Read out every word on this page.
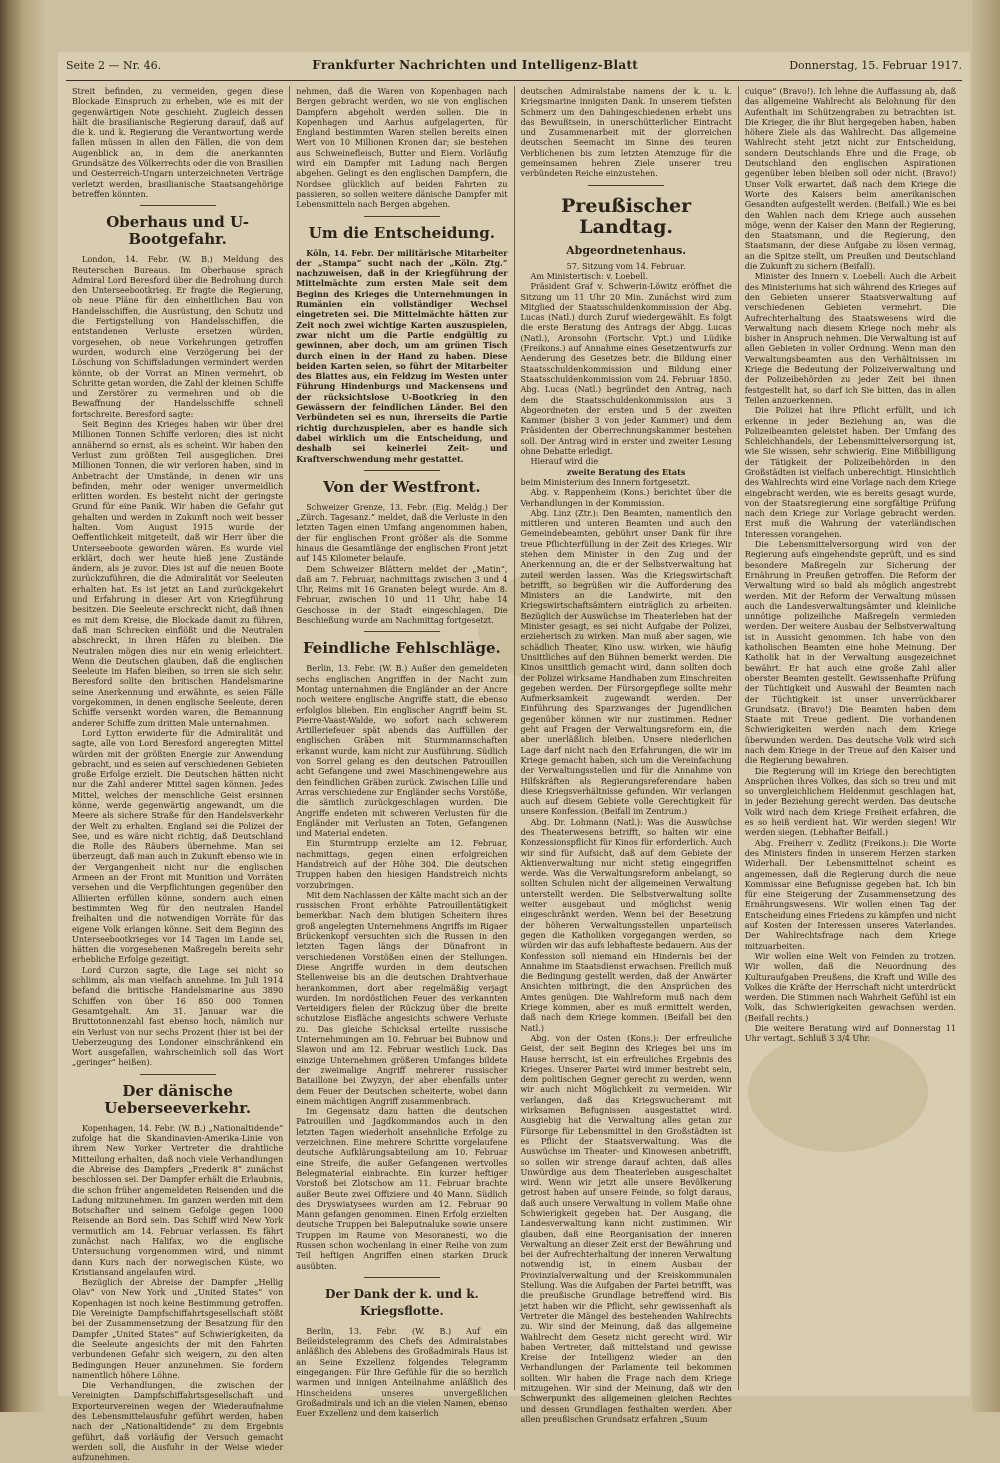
Seite 2 — Nr. 46.	Frankfurter Nachrichten und Intelligenz-Blatt	Donnerstag, 15. Februar 1917.

Streit befinden, zu vermeiden, gegen diese Blockade Einspruch zu erheben, wie es mit der gegenwärtigen Note geschieht. Zugleich dessen hält die brasilianische Regierung darauf, daß auf die k. und k. Regierung die Verantwortung werde fallen müssen in allen den Fällen, die von dem Augenblick an, in dem die anerkannten Grundsätze des Völkerrechts oder die von Brasilien und Oesterreich-Ungarn unterzeichneten Verträge verletzt werden, brasilianische Staatsangehörige betreffen könnten.

Oberhaus und U-Bootgefahr.

London, 14. Febr. (W. B.) Meldung des Reuterschen Bureaus. Im Oberhause sprach Admiral Lord Beresford über die Bedrohung durch den Unterseebootkrieg. Er fragte die Regierung, ob neue Pläne für den einheitlichen Bau von Handelsschiffen, die Ausrüstung, den Schutz und die Fertigstellung von Handelsschiffen, die entstandenen Verluste ersetzen würden, vorgesehen, ob neue Vorkehrungen getroffen wurden, wodurch eine Verzögerung bei der Löschung von Schiffsladungen vermindert werden könnte, ob der Vorrat an Minen vermehrt, ob Schritte getan worden, die Zahl der kleinen Schiffe und Zerstörer zu vermehren und ob die Bewaffnung der Handelsschiffe schnell fortschreite. Beresford sagte:

Seit Beginn des Krieges haben wir über drei Millionen Tonnen Schiffe verloren; dies ist nicht annähernd so ernst, als es scheint. Wir haben den Verlust zum größten Teil ausgeglichen. Drei Millionen Tonnen, die wir verloren haben, sind in Anbetracht der Umstände, in denen wir uns befinden, mehr oder weniger unvermeidlich erlitten worden. Es besteht nicht der geringste Grund für eine Panik. Wir haben die Gefahr gut gehalten und werden in Zukunft noch weit besser halten. Vom August 1915 wurde der Oeffentlichkeit mitgeteilt, daß wir Herr über die Unterseeboote geworden wären. Es wurde viel erklärt, doch wer heute hieß jene Zustände ändern, als je zuvor. Dies ist auf die neuen Boote zurückzuführen, die die Admiralität vor Seeleuten erhalten hat. Es ist jetzt an Land zurückgekehrt und Erfahrung in dieser Art von Kriegführung besitzen. Die Seeleute erschreckt nicht, daß ihnen es mit dem Kreise, die Blockade damit zu führen, daß man Schrecken einflößt und die Neutralen abschreckt, in ihren Häfen zu bleiben. Die Neutralen mögen dies nur ein wenig erleichtert. Wenn die Deutschen glauben, daß die englischen Seeleute im Hafen bleiben, so irren sie sich sehr. Beresford sollte den britischen Handelsmarine seine Anerkennung und erwähnte, es seien Fälle vorgekommen, in denen englische Seeleute, deren Schiffe versenkt worden waren, die Bemannung anderer Schiffe zum dritten Male unternahmen.

Lord Lytton erwiderte für die Admiralität und sagte, alle von Lord Beresford angeregten Mittel würden mit der größten Energie zur Anwendung gebracht, und es seien auf verschiedenen Gebieten große Erfolge erzielt. Die Deutschen hätten nicht nur die Zahl anderer Mittel sagen können. Jedes Mittel, welches der menschliche Geist ersinnen könne, werde gegenwärtig angewandt, um die Meere als sichere Straße für den Handelsverkehr der Welt zu erhalten. England sei die Polizei der See, und es wäre nicht richtig, daß Deutschland die Rolle des Räubers übernehme. Man sei überzeugt, daß man auch in Zukunft ebenso wie in der Vergangenheit nicht nur die englischen Armeen an der Front mit Munition und Vorräten versehen und die Verpflichtungen gegenüber den Alliierten erfüllen könne, sondern auch einen bestimmten Weg für den neutralen Handel freihalten und die notwendigen Vorräte für das eigene Volk erlangen könne. Seit dem Beginn des Unterseebootkrieges vor 14 Tagen im Lande sei, hätten die vorgesehenen Maßregeln bereits sehr erhebliche Erfolge gezeitigt.

Lord Curzon sagte, die Lage sei nicht so schlimm, als man vielfach annehme. Im Juli 1914 befand die britische Handelsmarine aus 3890 Schiffen von über 16 850 000 Tonnen Gesamtgehalt. Am 31. Januar war die Bruttotonnenzahl fast ebenso hoch, nämlich nur ein Verlust von nur sechs Prozent (hier ist bei der Ueberzeugung des Londoner einschränkend ein Wort ausgefallen, wahrscheinlich soll das Wort „geringer“ heißen).

Der dänische Ueberseeverkehr.

Kopenhagen, 14. Febr. (W. B.) „Nationaltidende“ zufolge hat die Skandinavien-Amerika-Linie von ihrem New Yorker Vertreter die drahtliche Mitteilung erhalten, daß noch viele Verhandlungen die Abreise des Dampfers „Frederik 8“ zunächst beschlossen sei. Der Dampfer erhält die Erlaubnis, die schon früher angemeldeten Reisenden und die Ladung mitzunehmen. Im ganzen werden mit dem Botschafter und seinem Gefolge gegen 1000 Reisende an Bord sein. Das Schiff wird New York vermutlich am 14. Februar verlassen. Es fährt zunächst nach Halifax, wo die englische Untersuchung vorgenommen wird, und nimmt dann Kurs nach der norwegischen Küste, wo Kristiansand angelaufen wird.

Bezüglich der Abreise der Dampfer „Hellig Olav“ von New York und „United States“ von Kopenhagen ist noch keine Bestimmung getroffen. Die Vereinigte Dampfschiffahrtsgesellschaft stößt bei der Zusammensetzung der Besatzung für den Dampfer „United States“ auf Schwierigkeiten, da die Seeleute angesichts der mit den Fahrten verbundenen Gefahr sich weigern, zu den alten Bedingungen Heuer anzunehmen. Sie fordern namentlich höhere Löhne.

Die Verhandlungen, die zwischen der Vereinigten Dampfschiffahrtsgesellschaft und Exporteurvereinen wegen der Wiederaufnahme des Lebensmittelausfuhr geführt werden, haben nach der „Nationaltidende“ zu dem Ergebnis geführt, daß vorläufig der Versuch gemacht werden soll, die Ausfuhr in der Weise wieder aufzunehmen.

nehmen, daß die Waren von Kopenhagen nach Bergen gebracht werden, wo sie von englischen Dampfern abgeholt werden sollen. Die in Kopenhagen und Aarhus aufgelagerten, für England bestimmten Waren stellen bereits einen Wert von 10 Millionen Kronen dar; sie bestehen aus Schweinefleisch, Butter und Eiern. Vorläufig wird ein Dampfer mit Ladung nach Bergen abgehen. Gelingt es den englischen Dampfern, die Nordsee glücklich auf beiden Fahrten zu passieren, so sollen weitere dänische Dampfer mit Lebensmitteln nach Bergen abgehen.

Um die Entscheidung.

Köln, 14. Febr. Der militärische Mitarbeiter der „Stampa“ sucht nach der „Köln. Ztg.“ nachzuweisen, daß in der Kriegführung der Mittelmächte zum ersten Male seit dem Beginn des Krieges die Unternehmungen in Rumänien ein vollständiger Wechsel eingetreten sei. Die Mittelmächte hätten zur Zeit noch zwei wichtige Karten auszuspielen, zwar nicht um die Partie endgültig zu gewinnen, aber doch, um am grünen Tisch durch einen in der Hand zu haben. Diese beiden Karten seien, so führt der Mitarbeiter des Blattes aus, ein Feldzug im Westen unter Führung Hindenburgs und Mackensens und der rücksichtslose U-Bootkrieg in den Gewässern der feindlichen Länder. Bei den Verbündeten sei es nun, ihrerseits die Partie richtig durchzuspielen, aber es handle sich dabei wirklich um die Entscheidung, und deshalb sei keinerlei Zeit- und Kraftverschwendung mehr gestattet.

Von der Westfront.

Schweizer Grenze, 13. Febr. (Eig. Meldg.) Der „Zürch. Tagesanz.“ meldet, daß die Verluste in den letzten Tagen einen Umfang angenommen haben, der für englischen Front größer als die Somme hinaus die Gesamtlänge der englischen Front jetzt auf 145 Kilometer belaufe.

Dem Schweizer Blättern meldet der „Matin“, daß am 7. Februar, nachmittags zwischen 3 und 4 Uhr, Reims mit 16 Granaten belegt wurde. Am 8. Februar, zwischen 10 und 11 Uhr, habe 14 Geschosse in der Stadt eingeschlagen. Die Beschießung wurde am Nachmittag fortgesetzt.

Feindliche Fehlschläge.

Berlin, 13. Febr. (W. B.) Außer den gemeldeten sechs englischen Angriffen in der Nacht zum Montag unternahmen die Engländer an der Ancre noch weitere englische Angriffe statt, die ebenso erfolglos blieben. Ein englischer Angriff beim St. Pierre-Vaast-Walde, wo sofort nach schwerem Artilleriefeuer spät abends das Auffüllen der englischen Gräben mit Sturmmannschaften erkannt wurde, kam nicht zur Ausführung. Südlich von Sorrel gelang es den deutschen Patrouillen acht Gefangene und zwei Maschinengewehre aus den feindlichen Gräben zurück. Zwischen Lille und Arras verschiedene zur Engländer sechs Vorstöße, die sämtlich zurückgeschlagen wurden. Die Angriffe endeten mit schweren Verlusten für die Engländer mit Verlusten an Toten, Gefangenen und Material endeten.

Ein Sturmtrupp erzielte am 12. Februar, nachmittags, gegen einen erfolgreichen Handstreich auf der Höhe 304. Die deutschen Truppen haben den hiesigen Handstreich nichts vorzubringen.

Mit dem Nachlassen der Kälte macht sich an der russischen Front erhöhte Patrouillentätigkeit bemerkbar. Nach dem blutigen Scheitern ihres groß angelegten Unternehmens Angriffs im Rigaer Brückenkopf versuchten sich die Russen in den letzten Tagen längs der Dünafront in verschiedenen Vorstößen einen der Stellungen. Diese Angriffe wurden in dem deutschen Stellenweise bis an die deutschen Drahtverhaue herankommen, dort aber regelmäßig verjagt wurden. Im nordöstlichen Feuer des verkannten Verteidigers fielen der Rückzug über die breite schutzlose Eisfläche angesichts schwere Verluste zu. Das gleiche Schicksal erteilte russische Unternehmungen am 10. Februar bei Bubnow und Slawon und am 12. Februar westlich Luck. Das einzige Unternehmen größeren Umfanges bildete der zweimalige Angriff mehrerer russischer Bataillone bei Zwyzyn, der aber ebenfalls unter dem Feuer der Deutschen scheiterte, wobei dann einem mächtigen Angriff zusammenbrach.

Im Gegensatz dazu hatten die deutschen Patrouillen und Jagdkommandos auch in den letzten Tagen wiederholt ansehnliche Erfolge zu verzeichnen. Eine mehrere Schritte vorgelaufene deutsche Aufklärungsabteilung am 10. Februar eine Streife, die außer Gefangenen wertvolles Belegmaterial einbrachte. Ein kurzer heftiger Vorstoß bei Zlotschow am 11. Februar brachte außer Beute zwei Offiziere und 40 Mann. Südlich des Dryswiatysees wurden am 12. Februar 90 Mann gefangen genommen. Einen Erfolg erzielten deutsche Truppen bei Baleputnaluke sowie unsere Truppen im Raume von Mesoranesti, wo die Russen schon wochenlang in einer Reihe von zum Teil heftigen Angriffen einen starken Druck ausübten.

Der Dank der k. und k. Kriegsflotte.

Berlin, 13. Febr. (W. B.) Auf ein Beileidstelegramm des Chefs des Admiralstabes anläßlich des Ablebens des Großadmirals Haus ist an Seine Exzellenz folgendes Telegramm eingegangen: Für Ihre Gefühle für die so herzlich warmen und innigen Anteilnahme anläßlich des Hinscheidens unseres unvergeßlichen Großadmirals und ich an die vielen Namen, ebenso Euer Exzellenz und dem kaiserlich

deutschen Admiralstabe namens der k. u. k. Kriegsmarine innigsten Dank. In unserem tiefsten Schmerz um den Dahingeschiedenen erhebt uns das Bewußtsein, in unerschütterlicher Eintracht und Zusammenarbeit mit der glorreichen deutschen Seemacht im Sinne des teuren Verblichenen bis zum letzten Atemzuge für die gemeinsamen hehren Ziele unserer treu verbündeten Reiche einzustehen.

Preußischer Landtag.
Abgeordnetenhaus.

57. Sitzung vom 14. Februar.

Am Ministertisch: v. Loebell.

Präsident Graf v. Schwerin-Löwitz eröffnet die Sitzung um 11 Uhr 20 Min. Zunächst wird zum Mitglied der Staatsschuldenkommission der Abg. Lucas (Natl.) durch Zuruf wiedergewählt. Es folgt die erste Beratung des Antrags der Abgg. Lucas (Natl.), Aronsohn (Fortschr. Vpt.) und Lüdike (Freikons.) auf Annahme eines Gesetzentwurfs zur Aenderung des Gesetzes betr. die Bildung einer Staatsschuldenkommission und Bildung einer Staatsschuldenkommission vom 24. Februar 1850. Abg. Lucas (Natl.) begründet den Antrag, nach dem die Staatsschuldenkommission aus 3 Abgeordneten der ersten und 5 der zweiten Kammer (bisher 3 von jeder Kammer) und dem Präsidenten der Oberrechnungskammer bestehen soll. Der Antrag wird in erster und zweiter Lesung ohne Debatte erledigt.

Hierauf wird die

zweite Beratung des Etats

beim Ministerium des Innern fortgesetzt.

Abg. v. Rappenheim (Kons.) berichtet über die Verhandlungen in der Kommission.

Abg. Linz (Ztr.): Den Beamten, namentlich den mittleren und unteren Beamten und auch den Gemeindebeamten, gebührt unser Dank für ihre treue Pflichterfüllung in der Zeit des Krieges. Wir stehen dem Minister in den Zug und der Anerkennung an, die er der Selbstverwaltung hat zuteil werden lassen. Was die Kriegswirtschaft betrifft, so begrüßen wir die Aufforderung des Ministers an die Landwirte, mit den Kriegswirtschaftsämtern einträglich zu arbeiten. Bezüglich der Auswüchse im Theaterleben hat der Minister gesagt, es sei nicht Aufgabe der Polizei, erzieherisch zu wirken. Man muß aber sagen, wie schädlich Theater, Kino usw. wirken, wie häufig Unsittliches auf den Bühnen bemerkt werden. Die Kinos unsittlich gemacht wird, dann sollten doch der Polizei wirksame Handhaben zum Einschreiten gegeben werden. Der Fürsorgepflege sollte mehr Aufmerksamkeit zugewandt werden. Der Einführung des Sparzwanges der Jugendlichen gegenüber können wir nur zustimmen. Redner geht auf Fragen der Verwaltungsreform ein, die aber unerläßlich bleiben. Unsere niederlichen Lage darf nicht nach den Erfahrungen, die wir im Kriege gemacht haben, sich um die Vereinfachung der Verwaltungsstellen und für die Annahme von Hilfskräften als Regierungsreferendare haben diese Kriegsverhältnisse gefunden. Wir verlangen auch auf diesem Gebiete volle Gerechtigkeit für unsere Konfession. (Beifall im Zentrum.)

Abg. Dr. Lohmann (Natl.): Was die Auswüchse des Theaterwesens betrifft, so halten wir eine Konzessionspflicht für Kinos für erforderlich. Auch wir sind für Aufsicht, daß auf dem Gebiete der Aktienverwaltung nur nicht stetig eingegriffen werde. Was die Verwaltungsreform anbelangt, so sollten Schulen nicht der allgemeinen Verwaltung unterstellt werden. Die Selbstverwaltung sollte weiter ausgebaut und möglichst wenig eingeschränkt werden. Wenn bei der Besetzung der höheren Verwaltungsstellen unparteiisch gegen die Katholiken vorgegangen werden, so würden wir das aufs lebhafteste bedauern. Aus der Konfession soll niemand ein Hindernis bei der Annahme im Staatsdienst erwachsen. Freilich muß die Bedingung gestellt werden, daß der Anwärter Ansichten mitbringt, die den Ansprüchen des Amtes genügen. Die Wahlreform muß nach dem Kriege kommen, aber es muß ermittelt werden, daß nach dem Kriege kommen. (Beifall bei den Natl.)

Abg. von der Osten (Kons.): Der erfreuliche Geist, der seit Beginn des Krieges bei uns im Hause herrscht, ist ein erfreuliches Ergebnis des Krieges. Unserer Partei wird immer bestrebt sein, dem politischen Gegner gerecht zu werden, wenn wir auch nicht Möglichkeit zu vermeiden. Wir verlangen, daß das Kriegswucheramt mit wirksamen Befugnissen ausgestattet wird. Ausgiebig hat die Verwaltung alles getan zur Fürsorge für Lebensmittel in den Großstädten ist es Pflicht der Staatsverwaltung. Was die Auswüchse im Theater- und Kinowesen anbetrifft, so sollen wir strenge darauf achten, daß alles Unwürdige aus dem Theaterleben ausgeschaltet wird. Wenn wir jetzt alle unsere Bevölkerung getrost haben auf unsere Feinde, so folgt daraus, daß auch unsere Verwaltung in vollem Maße ohne Schwierigkeit gegeben hat. Der Ausgang, die Landesverwaltung kann nicht zustimmen. Wir glauben, daß eine Reorganisation der inneren Verwaltung an dieser Zeit erst der Bewährung und bei der Aufrechterhaltung der inneren Verwaltung notwendig ist, in einem Ausbau der Provinzialverwaltung und der Kreiskommunalen Stellung. Was die Aufgaben der Partei betrifft, was die preußische Grundlage betreffend wird. Bis jetzt haben wir die Pflicht, sehr gewissenhaft als Vertreter die Mängel des bestehenden Wahlrechts zu. Wir sind der Meinung, daß das allgemeine Wahlrecht dem Gesetz nicht gerecht wird. Wir haben Vertreter, daß mittelstand und gewisse Kreise der Intelligenz wieder an den Verhandlungen der Parlamente teil bekommen sollten. Wir haben die Frage nach dem Kriege mitzugehen. Wir sind der Meinung, daß wir den Schwerpunkt des allgemeinen gleichen Rechtes und dessen Grundlagen festhalten werden. Aber allen preußischen Grundsatz erfahren „Suum

cuique“ (Bravo!). Ich lehne die Auffassung ab, daß das allgemeine Wahlrecht als Belohnung für den Aufenthalt im Schützengraben zu betrachten ist. Die Krieger, die ihr Blut hergegeben haben, haben höhere Ziele als das Wahlrecht. Das allgemeine Wahlrecht steht jetzt nicht zur Entscheidung, sondern Deutschlands Ehre und die Frage, ob Deutschland den englischen Aspirationen gegenüber leben bleiben soll oder nicht. (Bravo!) Unser Volk erwartet, daß nach dem Kriege die Worte des Kaisers beim amerikanischen Gesandten aufgestellt werden. (Beifall.) Wie es bei den Wahlen nach dem Kriege auch aussehen möge, wenn der Kaiser den Mann der Regierung, den Staatsmann, und die Regierung, den Staatsmann, der diese Aufgabe zu lösen vermag, an die Spitze stellt, um Preußen und Deutschland die Zukunft zu sichern (Beifall).

Minister des Innern v. Loebell: Auch die Arbeit des Ministeriums hat sich während des Krieges auf den Gebieten unserer Staatsverwaltung auf verschiedenen Gebieten vermehrt. Die Aufrechterhaltung des Staatswesens wird die Verwaltung nach diesem Kriege noch mehr als bisher in Anspruch nehmen. Die Verwaltung ist auf allen Gebieten in voller Ordnung. Wenn man den Verwaltungsbeamten aus den Verhältnissen im Kriege die Bedeutung der Polizeiverwaltung und der Polizeibehörden zu jeder Zeit bei ihnen festgestellt hat, so darf ich Sie bitten, das in allen Teilen anzuerkennen.

Die Polizei hat ihre Pflicht erfüllt, und ich erkenne in jeder Beziehung an, was die Polizeibeamten geleistet haben. Der Umfang des Schleichhandels, der Lebensmittelversorgung ist, wie Sie wissen, sehr schwierig. Eine Mißbilligung der Tätigkeit der Polizeibehörden in den Großstädten ist vielfach unberechtigt. Hinsichtlich des Wahlrechts wird eine Vorlage nach dem Kriege eingebracht werden, wie es bereits gesagt wurde, von der Staatsregierung eine sorgfältige Prüfung nach dem Kriege zur Vorlage gebracht werden. Erst muß die Wahrung der vaterländischen Interessen vorangehen.

Die Lebensmittelversorgung wird von der Regierung aufs eingehendste geprüft, und es sind besondere Maßregeln zur Sicherung der Ernährung in Preußen getroffen. Die Reform der Verwaltung wird so bald als möglich angestrebt werden. Mit der Reform der Verwaltung müssen auch die Landesverwaltungsämter und kleinliche unnötige polizeiliche Maßregeln vermieden werden. Der weitere Ausbau der Selbstverwaltung ist in Aussicht genommen. Ich habe von den katholischen Beamten eine hohe Meinung. Der Katholik hat in der Verwaltung ausgezeichnet bewährt. Er hat auch eine große Zahl aller oberster Beamten gestellt. Gewissenhafte Prüfung der Tüchtigkeit und Auswahl der Beamten nach der Tüchtigkeit ist unser unverrückbarer Grundsatz. (Bravo!) Die Beamten haben dem Staate mit Treue gedient. Die vorhandenen Schwierigkeiten werden nach dem Kriege überwunden werden. Das deutsche Volk wird sich nach dem Kriege in der Treue auf den Kaiser und die Regierung bewahren.

Die Regierung will im Kriege den berechtigten Ansprüchen ihres Volkes, das sich so treu und mit so unvergleichlichem Heldenmut geschlagen hat, in jeder Beziehung gerecht werden. Das deutsche Volk wird nach dem Kriege Freiheit erfahren, die es so heiß verdient hat. Wir werden siegen! Wir werden siegen. (Lebhafter Beifall.)

Abg. Freiherr v. Zedlitz (Freikons.): Die Worte des Ministers finden in unserem Herzen starken Widerhall. Der Lebensmittelnot scheint es angemessen, daß die Regierung durch die neue Kommissar eine Befugnisse gegeben hat. Ich bin für eine Steigerung der Zusammensetzung des Ernährungswesens. Wir wollen einen Tag der Entscheidung eines Friedens zu kämpfen und nicht auf Kosten der Interessen unseres Vaterlandes. Der Wahlrechtsfrage nach dem Kriege mitzuarbeiten.

Wir wollen eine Welt von Feinden zu trotzen. Wir wollen, daß die Neuordnung des Kulturaufgaben Preußens, die Kraft und Wille des Volkes die Kräfte der Herrschaft nicht unterdrückt werden. Die Stimmen nach Wahrheit Gefühl ist ein Volk, das Schwierigkeiten gewachsen werden. (Beifall rechts.)

Die weitere Beratung wird auf Donnerstag 11 Uhr vertagt. Schluß 3 3/4 Uhr.
